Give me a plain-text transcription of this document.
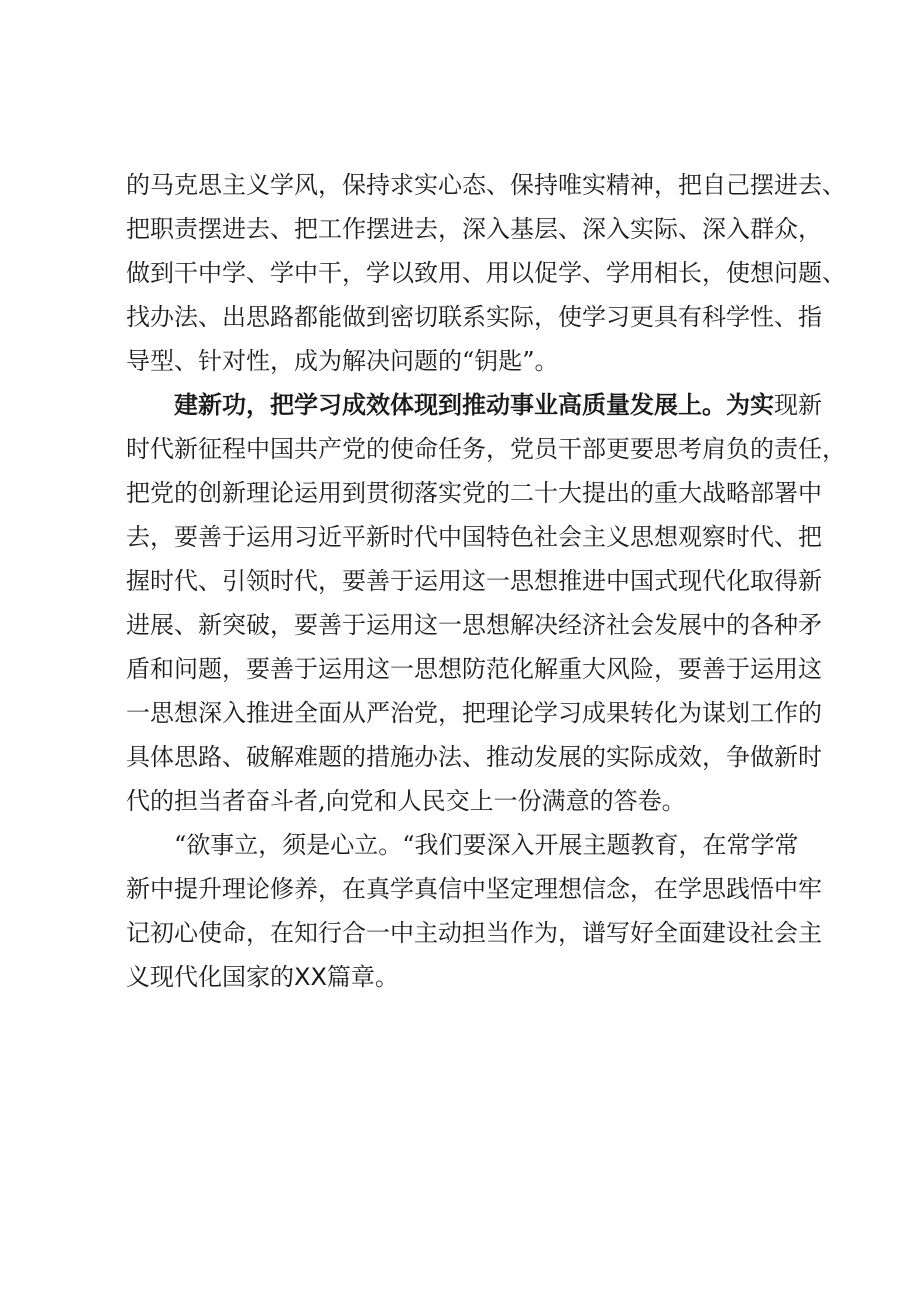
的马克思主义学风，保持求实心态、保持唯实精神，把自己摆进去、
把职责摆进去、把工作摆进去，深入基层、深入实际、深入群众，
做到干中学、学中干，学以致用、用以促学、学用相长，使想问题、
找办法、出思路都能做到密切联系实际，使学习更具有科学性、指
导型、针对性，成为解决问题的“钥匙”。
建新功，把学习成效体现到推动事业高质量发展上。为实现新
时代新征程中国共产党的使命任务，党员干部更要思考肩负的责任，
把党的创新理论运用到贯彻落实党的二十大提出的重大战略部署中
去，要善于运用习近平新时代中国特色社会主义思想观察时代、把
握时代、引领时代，要善于运用这一思想推进中国式现代化取得新
进展、新突破，要善于运用这一思想解决经济社会发展中的各种矛
盾和问题，要善于运用这一思想防范化解重大风险，要善于运用这
一思想深入推进全面从严治党，把理论学习成果转化为谋划工作的
具体思路、破解难题的措施办法、推动发展的实际成效，争做新时
代的担当者奋斗者,向党和人民交上一份满意的答卷。
“欲事立，须是心立。“我们要深入开展主题教育，在常学常
新中提升理论修养，在真学真信中坚定理想信念，在学思践悟中牢
记初心使命，在知行合一中主动担当作为，谱写好全面建设社会主
义现代化国家的XX篇章。
